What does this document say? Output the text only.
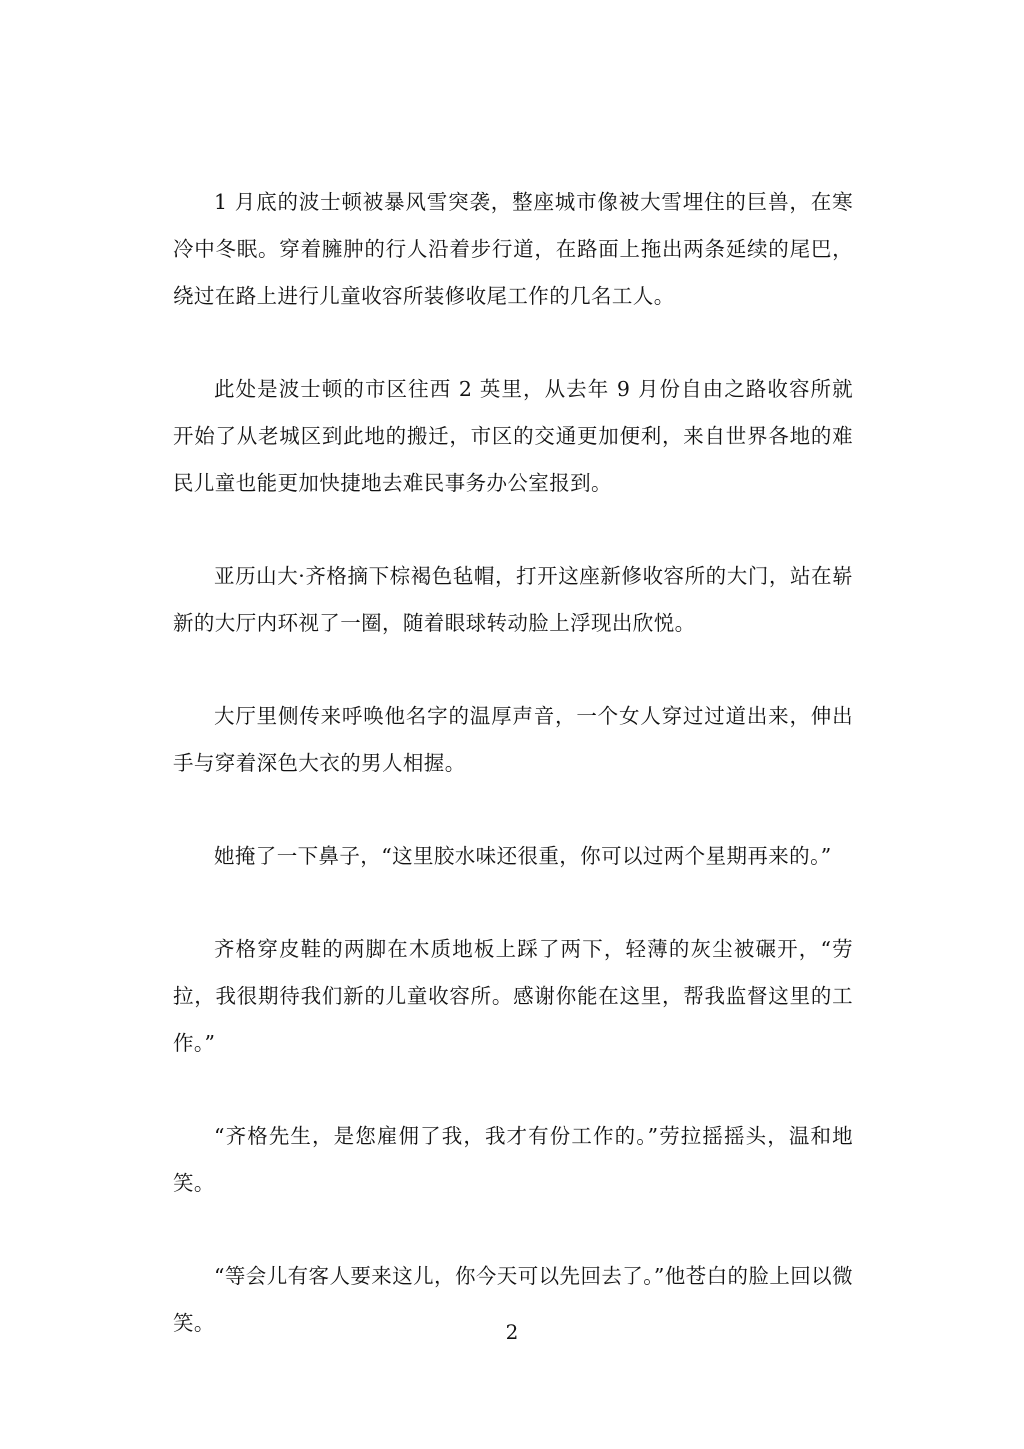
1 月底的波士顿被暴风雪突袭，整座城市像被大雪埋住的巨兽，在寒冷中冬眠。穿着臃肿的行人沿着步行道，在路面上拖出两条延续的尾巴，绕过在路上进行儿童收容所装修收尾工作的几名工人。

此处是波士顿的市区往西 2 英里，从去年 9 月份自由之路收容所就开始了从老城区到此地的搬迁，市区的交通更加便利，来自世界各地的难民儿童也能更加快捷地去难民事务办公室报到。

亚历山大·齐格摘下棕褐色毡帽，打开这座新修收容所的大门，站在崭新的大厅内环视了一圈，随着眼球转动脸上浮现出欣悦。

大厅里侧传来呼唤他名字的温厚声音，一个女人穿过过道出来，伸出手与穿着深色大衣的男人相握。

她掩了一下鼻子，“这里胶水味还很重，你可以过两个星期再来的。”

齐格穿皮鞋的两脚在木质地板上踩了两下，轻薄的灰尘被碾开，“劳拉，我很期待我们新的儿童收容所。感谢你能在这里，帮我监督这里的工作。”

“齐格先生，是您雇佣了我，我才有份工作的。”劳拉摇摇头，温和地笑。

“等会儿有客人要来这儿，你今天可以先回去了。”他苍白的脸上回以微笑。	2
